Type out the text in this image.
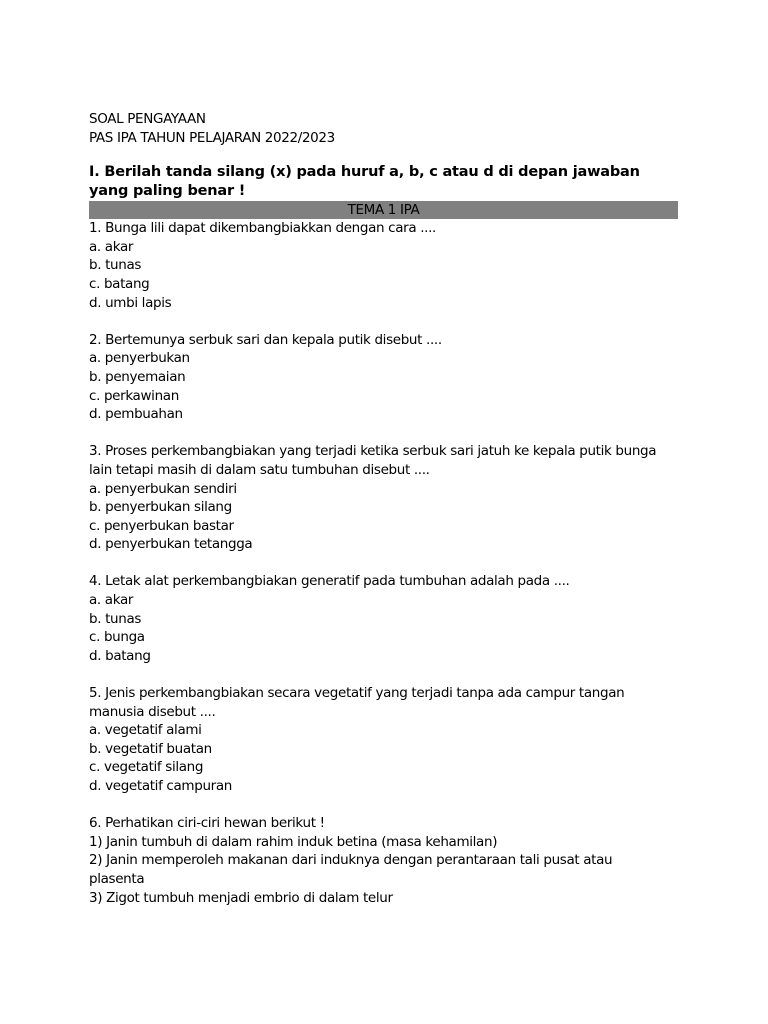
SOAL PENGAYAAN
PAS IPA TAHUN PELAJARAN 2022/2023
I. Berilah tanda silang (x) pada huruf a, b, c atau d di depan jawaban yang paling benar !
TEMA 1 IPA
1. Bunga lili dapat dikembangbiakkan dengan cara ....
a. akar
b. tunas
c. batang
d. umbi lapis
2. Bertemunya serbuk sari dan kepala putik disebut ....
a. penyerbukan
b. penyemaian
c. perkawinan
d. pembuahan
3. Proses perkembangbiakan yang terjadi ketika serbuk sari jatuh ke kepala putik bunga
lain tetapi masih di dalam satu tumbuhan disebut ....
a. penyerbukan sendiri
b. penyerbukan silang
c. penyerbukan bastar
d. penyerbukan tetangga
4. Letak alat perkembangbiakan generatif pada tumbuhan adalah pada ....
a. akar
b. tunas
c. bunga
d. batang
5. Jenis perkembangbiakan secara vegetatif yang terjadi tanpa ada campur tangan
manusia disebut ....
a. vegetatif alami
b. vegetatif buatan
c. vegetatif silang
d. vegetatif campuran
6. Perhatikan ciri-ciri hewan berikut !
1) Janin tumbuh di dalam rahim induk betina (masa kehamilan)
2) Janin memperoleh makanan dari induknya dengan perantaraan tali pusat atau
plasenta
3) Zigot tumbuh menjadi embrio di dalam telur
